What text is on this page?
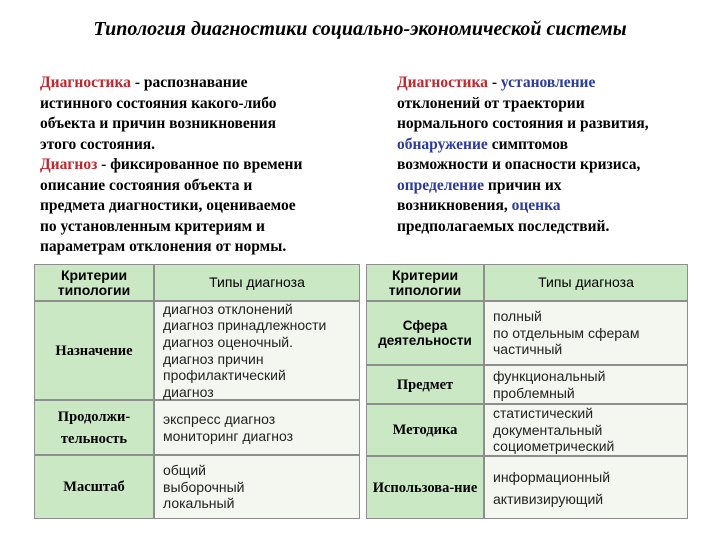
Типология диагностики социально-экономической системы
Диагностика - распознавание
истинного состояния какого-либо
объекта и причин возникновения
этого состояния.
Диагноз - фиксированное по времени
описание состояния объекта и
предмета диагностики, оцениваемое
по установленным критериям и
параметрам отклонения от нормы.
Диагностика - установление
отклонений от траектории
нормального состояния и развития,
обнаружение симптомов
возможности и опасности кризиса,
определение причин их
возникновения, оценка
предполагаемых последствий.
Критерии типологии	Типы диагноза
Назначение
диагноз отклонений
диагноз принадлежности
диагноз оценочный.
диагноз причин
профилактический
диагноз
Продолжи-тельность
экспресс диагноз
мониторинг диагноз
Масштаб
общий
выборочный
локальный
Критерии типологии	Типы диагноза
Сфера деятельности
полный
по отдельным сферам
частичный
Предмет
функциональный
проблемный
Методика
статистический
документальный
социометрический
Использова-ние
информационный
активизирующий
